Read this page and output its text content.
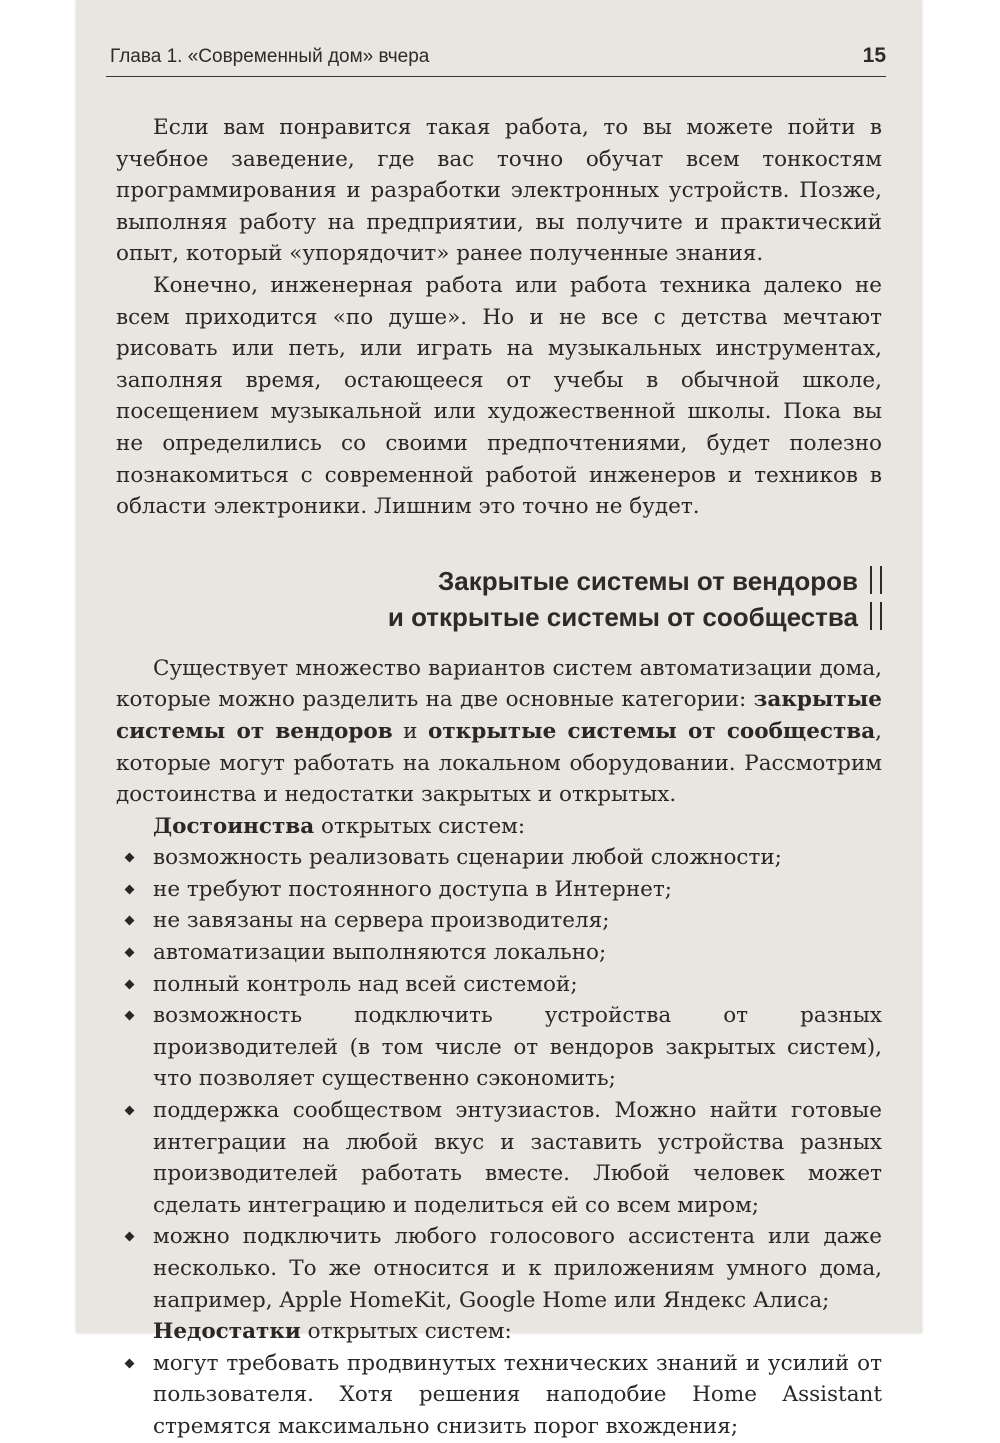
Глава 1. «Современный дом» вчера	15

Если вам понравится такая работа, то вы можете пойти в учебное заведение, где вас точно обучат всем тонкостям программирования и разработки электронных устройств. Позже, выполняя работу на предприятии, вы получите и практический опыт, который «упорядочит» ранее полученные знания.

Конечно, инженерная работа или работа техника далеко не всем приходится «по душе». Но и не все с детства мечтают рисовать или петь, или играть на музыкальных инструментах, заполняя время, остающееся от учебы в обычной школе, посещением музыкальной или художественной школы. Пока вы не определились со своими предпочтениями, будет полезно познакомиться с современной работой инженеров и техников в области электроники. Лишним это точно не будет.

Закрытые системы от вендоров
и открытые системы от сообщества

Существует множество вариантов систем автоматизации дома, которые можно разделить на две основные категории: закрытые системы от вендоров и открытые системы от сообщества, которые могут работать на локальном оборудовании. Рассмотрим достоинства и недостатки закрытых и открытых.

Достоинства открытых систем:

возможность реализовать сценарии любой сложности;
не требуют постоянного доступа в Интернет;
не завязаны на сервера производителя;
автоматизации выполняются локально;
полный контроль над всей системой;
возможность подключить устройства от разных производителей (в том числе от вендоров закрытых систем), что позволяет существенно сэкономить;
поддержка сообществом энтузиастов. Можно найти готовые интеграции на любой вкус и заставить устройства разных производителей работать вместе. Любой человек может сделать интеграцию и поделиться ей со всем миром;
можно подключить любого голосового ассистента или даже несколько. То же относится и к приложениям умного дома, например, Apple HomeKit, Google Home или Яндекс Алиса;

Недостатки открытых систем:

могут требовать продвинутых технических знаний и усилий от пользователя. Хотя решения наподобие Home Assistant стремятся максимально снизить порог вхождения;
